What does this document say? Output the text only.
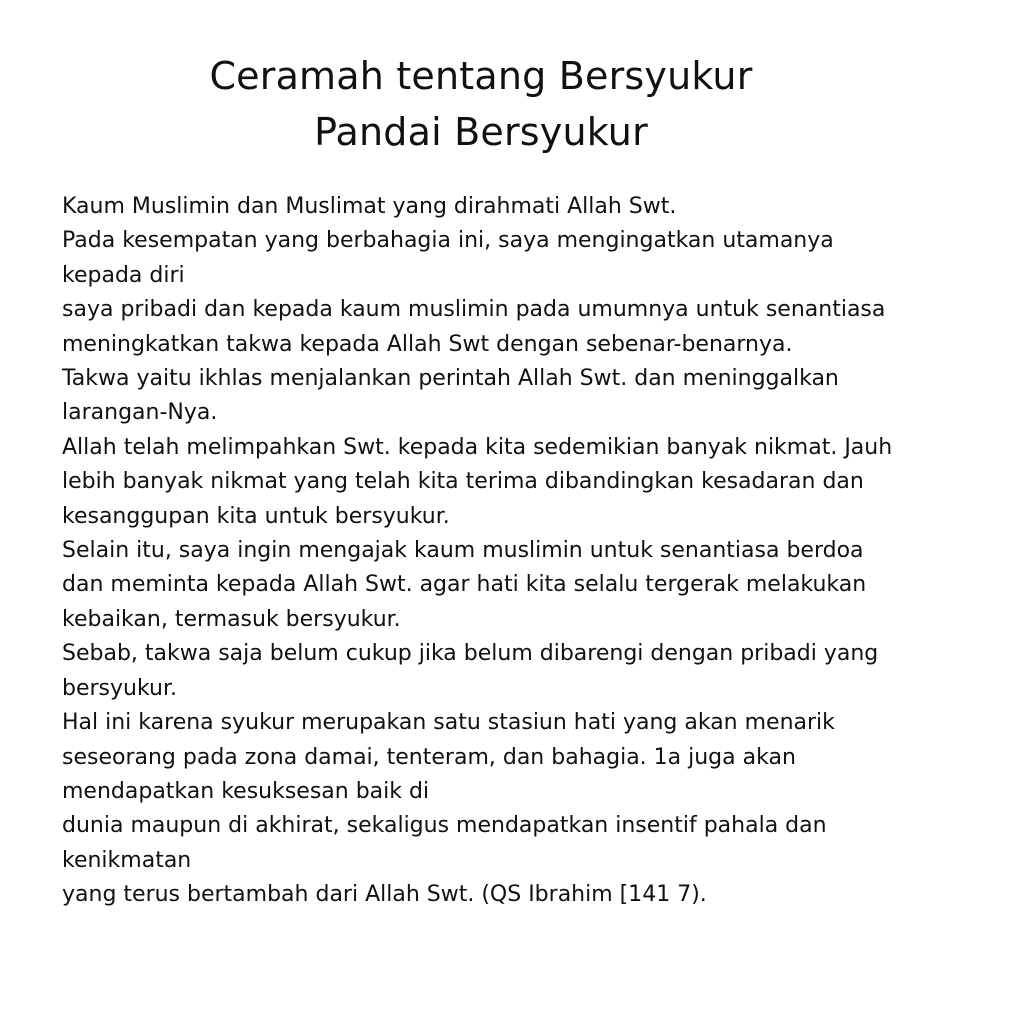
Ceramah tentang Bersyukur
Pandai Bersyukur
Kaum Muslimin dan Muslimat yang dirahmati Allah Swt.
Pada kesempatan yang berbahagia ini, saya mengingatkan utamanya
kepada diri
saya pribadi dan kepada kaum muslimin pada umumnya untuk senantiasa
meningkatkan takwa kepada Allah Swt dengan sebenar-benarnya.
Takwa yaitu ikhlas menjalankan perintah Allah Swt. dan meninggalkan
larangan-Nya.
Allah telah melimpahkan Swt. kepada kita sedemikian banyak nikmat. Jauh
lebih banyak nikmat yang telah kita terima dibandingkan kesadaran dan
kesanggupan kita untuk bersyukur.
Selain itu, saya ingin mengajak kaum muslimin untuk senantiasa berdoa
dan meminta kepada Allah Swt. agar hati kita selalu tergerak melakukan
kebaikan, termasuk bersyukur.
Sebab, takwa saja belum cukup jika belum dibarengi dengan pribadi yang
bersyukur.
Hal ini karena syukur merupakan satu stasiun hati yang akan menarik
seseorang pada zona damai, tenteram, dan bahagia. 1a juga akan
mendapatkan kesuksesan baik di
dunia maupun di akhirat, sekaligus mendapatkan insentif pahala dan
kenikmatan
yang terus bertambah dari Allah Swt. (QS Ibrahim [141 7).
